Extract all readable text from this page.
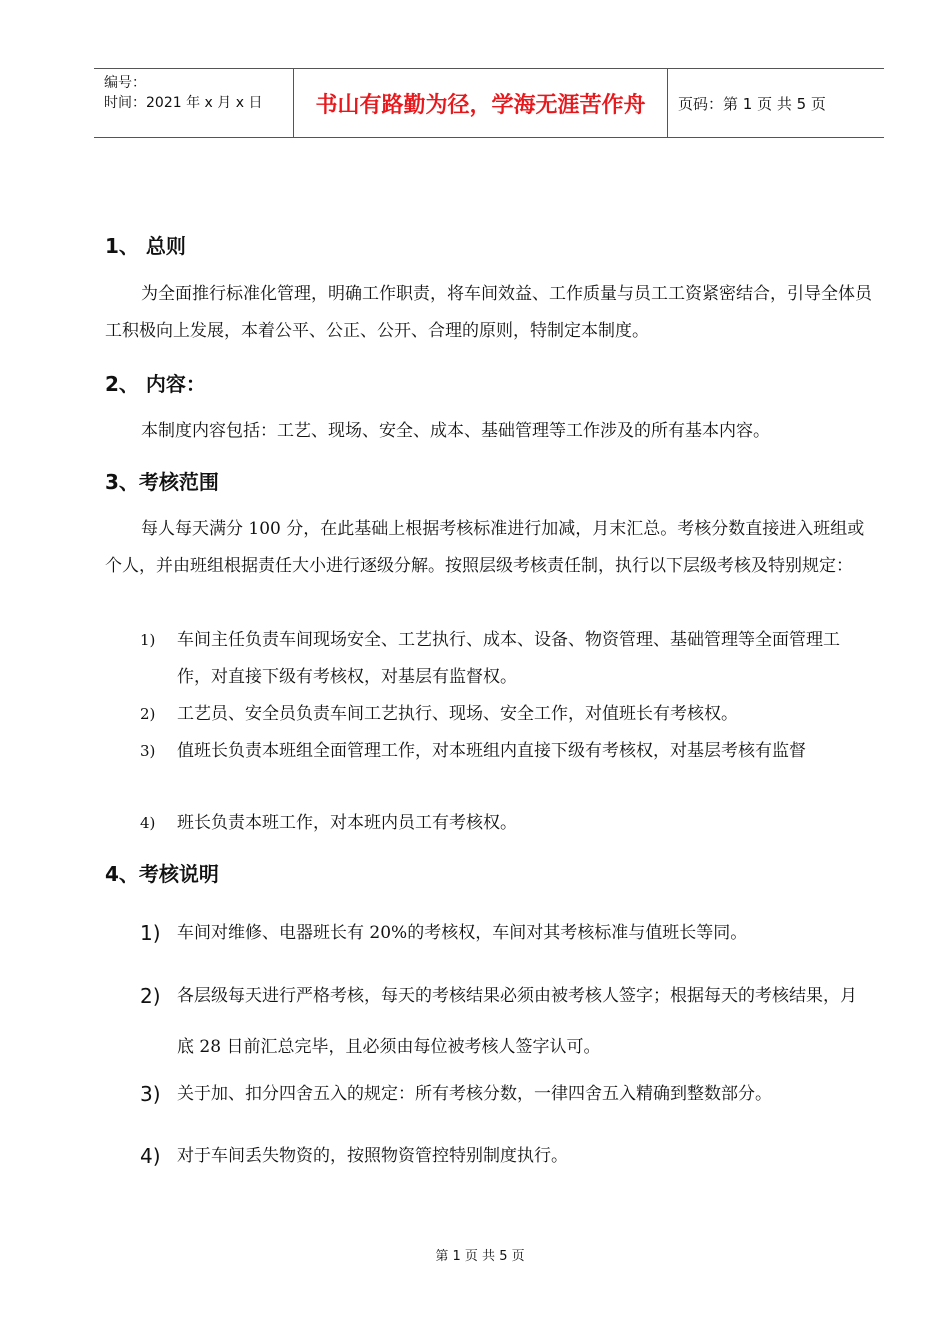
编号：
时间：2021 年 x 月 x 日	书山有路勤为径，学海无涯苦作舟	页码：第 1 页 共 5 页
1、 总则
为全面推行标准化管理，明确工作职责，将车间效益、工作质量与员工工资紧密结合，引导全体员工积极向上发展，本着公平、公正、公开、合理的原则，特制定本制度。
2、 内容：
本制度内容包括：工艺、现场、安全、成本、基础管理等工作涉及的所有基本内容。
3、考核范围
每人每天满分 100 分，在此基础上根据考核标准进行加减，月末汇总。考核分数直接进入班组或个人，并由班组根据责任大小进行逐级分解。按照层级考核责任制，执行以下层级考核及特别规定：
1)	车间主任负责车间现场安全、工艺执行、成本、设备、物资管理、基础管理等全面管理工作，对直接下级有考核权，对基层有监督权。
2)	工艺员、安全员负责车间工艺执行、现场、安全工作，对值班长有考核权。
3)	值班长负责本班组全面管理工作，对本班组内直接下级有考核权，对基层考核有监督
4)	班长负责本班工作，对本班内员工有考核权。
4、考核说明
1) 车间对维修、电器班长有 20%的考核权，车间对其考核标准与值班长等同。
2) 各层级每天进行严格考核，每天的考核结果必须由被考核人签字；根据每天的考核结果，月底 28 日前汇总完毕，且必须由每位被考核人签字认可。
3) 关于加、扣分四舍五入的规定：所有考核分数，一律四舍五入精确到整数部分。
4) 对于车间丢失物资的，按照物资管控特别制度执行。
第 1 页 共 5 页
